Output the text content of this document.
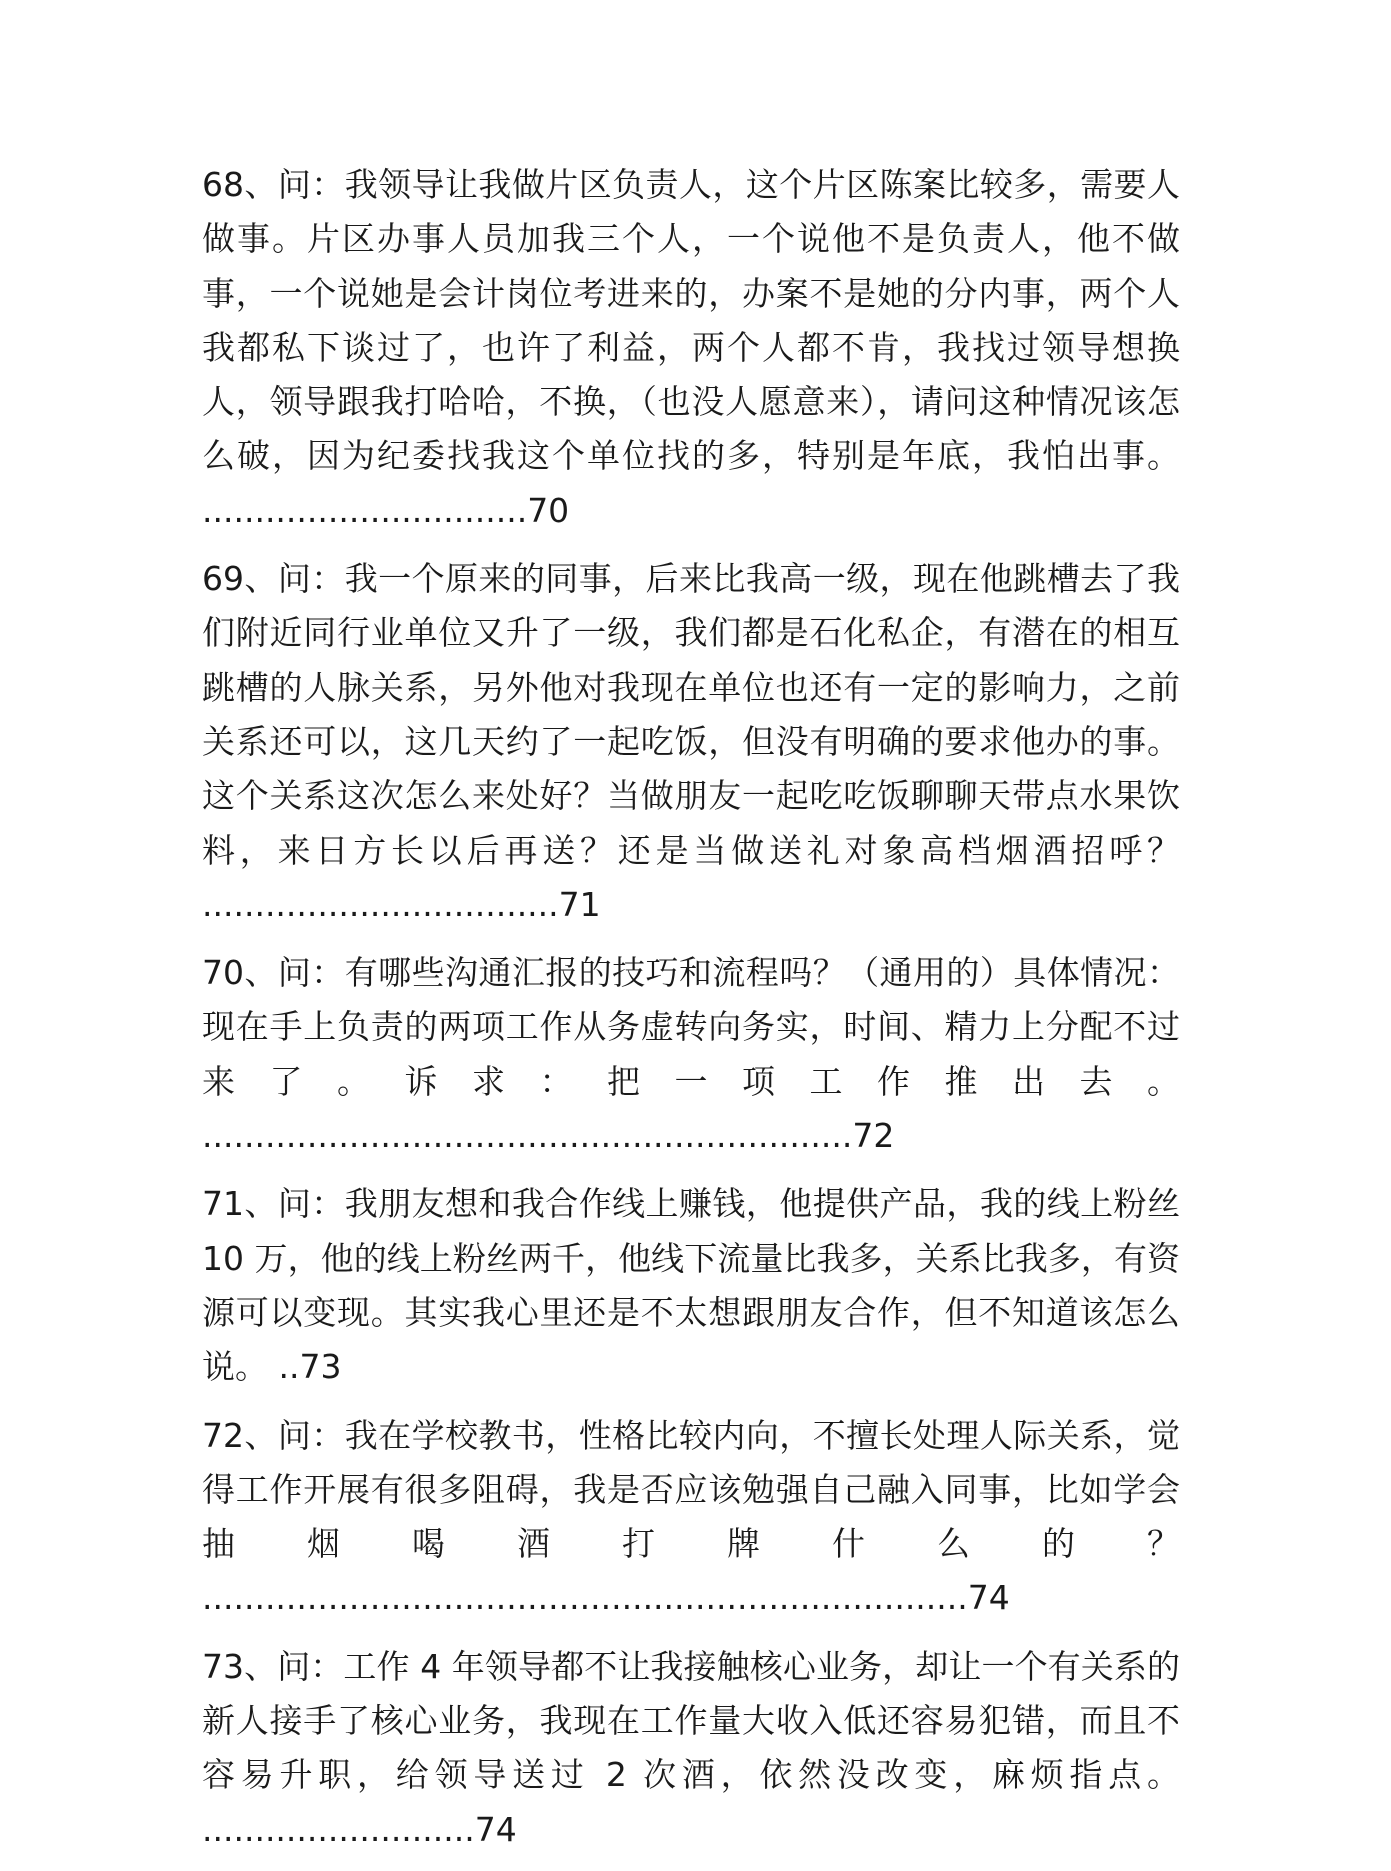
68、问：我领导让我做片区负责人，这个片区陈案比较多，需要人做事。片区办事人员加我三个人，一个说他不是负责人，他不做事，一个说她是会计岗位考进来的，办案不是她的分内事，两个人我都私下谈过了，也许了利益，两个人都不肯，我找过领导想换人，领导跟我打哈哈，不换，（也没人愿意来），请问这种情况该怎么破，因为纪委找我这个单位找的多，特别是年底，我怕出事。 ...............................70

69、问：我一个原来的同事，后来比我高一级，现在他跳槽去了我们附近同行业单位又升了一级，我们都是石化私企，有潜在的相互跳槽的人脉关系，另外他对我现在单位也还有一定的影响力，之前关系还可以，这几天约了一起吃饭，但没有明确的要求他办的事。这个关系这次怎么来处好？当做朋友一起吃吃饭聊聊天带点水果饮料，来日方长以后再送？还是当做送礼对象高档烟酒招呼？ ..................................71

70、问：有哪些沟通汇报的技巧和流程吗？（通用的）具体情况：现在手上负责的两项工作从务虚转向务实，时间、精力上分配不过来了。诉求：把一项工作推出去。 ..............................................................72

71、问：我朋友想和我合作线上赚钱，他提供产品，我的线上粉丝 10 万，他的线上粉丝两千，他线下流量比我多，关系比我多，有资源可以变现。其实我心里还是不太想跟朋友合作，但不知道该怎么说。 ..73

72、问：我在学校教书，性格比较内向，不擅长处理人际关系，觉得工作开展有很多阻碍，我是否应该勉强自己融入同事，比如学会抽烟喝酒打牌什么的？ .........................................................................74

73、问：工作 4 年领导都不让我接触核心业务，却让一个有关系的新人接手了核心业务，我现在工作量大收入低还容易犯错，而且不容易升职，给领导送过 2 次酒，依然没改变，麻烦指点。 ..........................74
